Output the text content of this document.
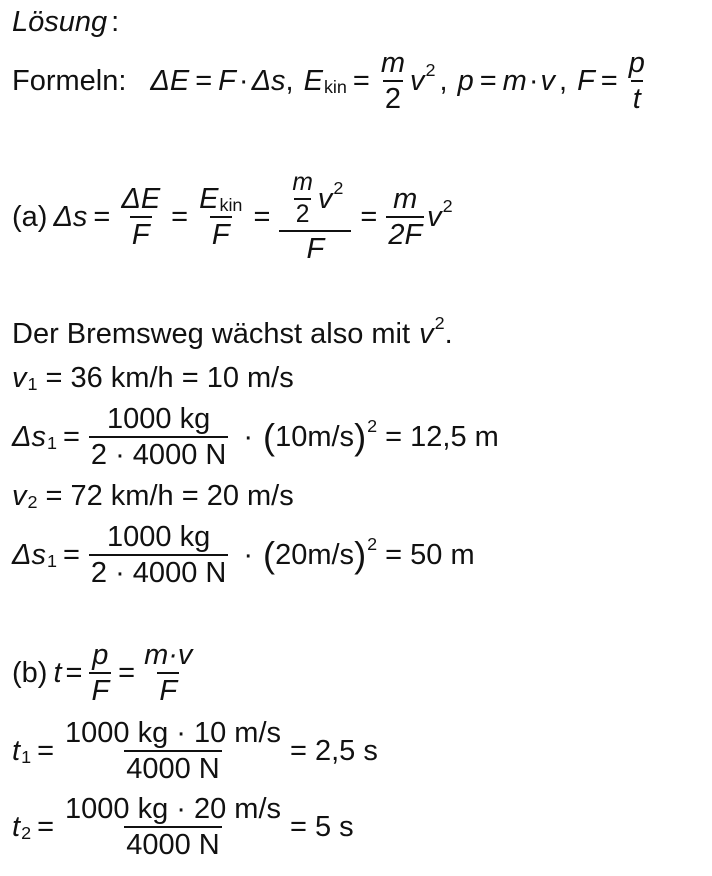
Lösung :
Formeln: ΔE = F · Δs , E kin = $\frac{m}{2}$ v 2 , p = m · v , $F = \frac{p}{t}$
(a) $\Delta s = \frac{\Delta E}{F} = \frac{\text{E kin}}{F} = \frac{\frac{m}{2} v 2}{F} = \frac{m}{2F}$ v 2
Der Bremsweg wächst also mit v 2 .
v 1 = 36 km/h = 10 m/s
Δs $1 = \frac{1000 kg}{2 \cdot 4000 N}$ · ( 10m/s ) 2 = 12,5 m
v 2 = 72 km/h = 20 m/s
Δs $1 = \frac{1000 kg}{2 \cdot 4000 N}$ · ( 20m/s ) 2 = 50 m
(b) $t = \frac{p}{F} = \frac{m\cdot v}{F}$
t $1 = \frac{1000 kg \cdot 10 m/s}{4000 N} = 2,5$ s
t $2 = \frac{1000 kg \cdot 20 m/s}{4000 N} = 5$ s
